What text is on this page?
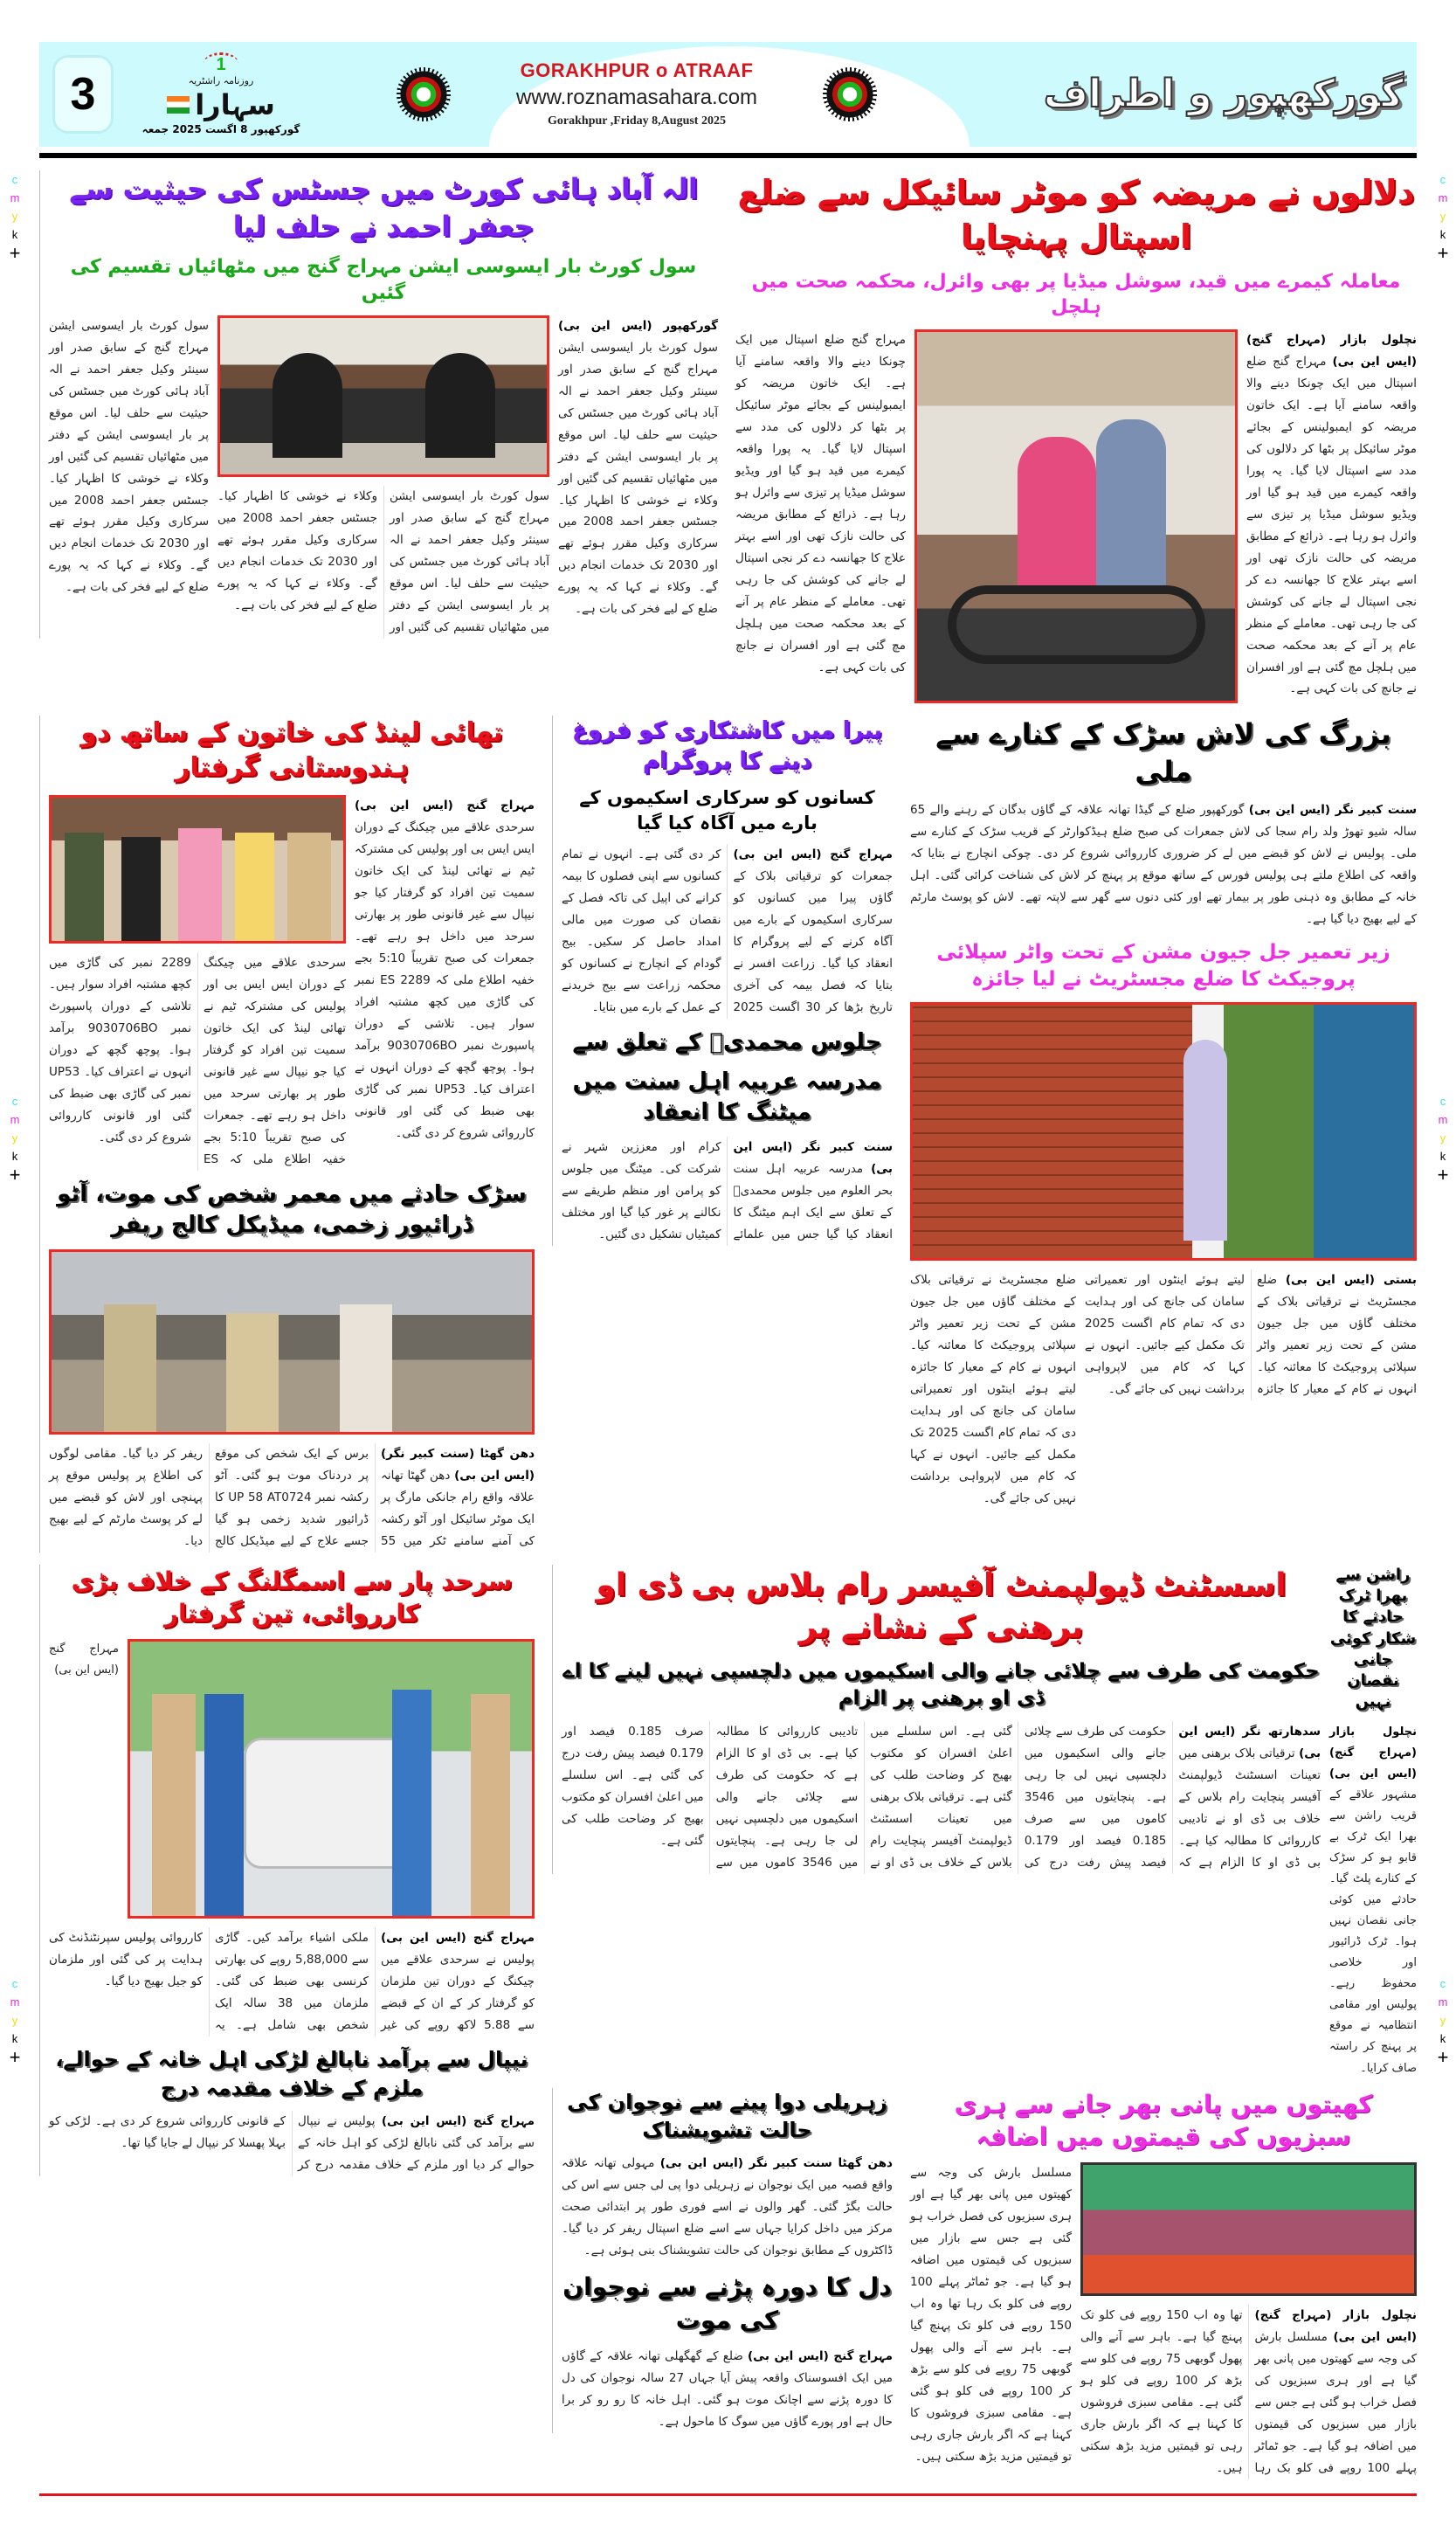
c
m
y
k
+
c
m
y
k
+
c
m
y
k
+
c
m
y
k
+
c
m
y
k
+
c
m
y
k
+
3
1
روزنامہ راشٹریہ
سہارا
گورکھپور 8 اگست 2025 جمعہ
GORAKHPUR o ATRAAF
www.roznamasahara.com
Gorakhpur ,Friday 8,August 2025
گورکھپور و اطراف
دلالوں نے مریضہ کو موٹر سائیکل سے ضلع اسپتال پہنچایا
معاملہ کیمرے میں قید، سوشل میڈیا پر بھی وائرل، محکمہ صحت میں ہلچل
نچلول بازار (مہراج گنج) (ایس این بی) مہراج گنج ضلع اسپتال میں ایک چونکا دینے والا واقعہ سامنے آیا ہے۔ ایک خاتون مریضہ کو ایمبولینس کے بجائے موٹر سائیکل پر بٹھا کر دلالوں کی مدد سے اسپتال لایا گیا۔ یہ پورا واقعہ کیمرے میں قید ہو گیا اور ویڈیو سوشل میڈیا پر تیزی سے وائرل ہو رہا ہے۔ ذرائع کے مطابق مریضہ کی حالت نازک تھی اور اسے بہتر علاج کا جھانسہ دے کر نجی اسپتال لے جانے کی کوشش کی جا رہی تھی۔ معاملے کے منظر عام پر آنے کے بعد محکمہ صحت میں ہلچل مچ گئی ہے اور افسران نے جانچ کی بات کہی ہے۔
مہراج گنج ضلع اسپتال میں ایک چونکا دینے والا واقعہ سامنے آیا ہے۔ ایک خاتون مریضہ کو ایمبولینس کے بجائے موٹر سائیکل پر بٹھا کر دلالوں کی مدد سے اسپتال لایا گیا۔ یہ پورا واقعہ کیمرے میں قید ہو گیا اور ویڈیو سوشل میڈیا پر تیزی سے وائرل ہو رہا ہے۔ ذرائع کے مطابق مریضہ کی حالت نازک تھی اور اسے بہتر علاج کا جھانسہ دے کر نجی اسپتال لے جانے کی کوشش کی جا رہی تھی۔ معاملے کے منظر عام پر آنے کے بعد محکمہ صحت میں ہلچل مچ گئی ہے اور افسران نے جانچ کی بات کہی ہے۔
الہ آباد ہائی کورٹ میں جسٹس کی حیثیت سے جعفر احمد نے حلف لیا
سول کورٹ بار ایسوسی ایشن مہراج گنج میں مٹھائیاں تقسیم کی گئیں
گورکھپور (ایس این بی) سول کورٹ بار ایسوسی ایشن مہراج گنج کے سابق صدر اور سینئر وکیل جعفر احمد نے الہ آباد ہائی کورٹ میں جسٹس کی حیثیت سے حلف لیا۔ اس موقع پر بار ایسوسی ایشن کے دفتر میں مٹھائیاں تقسیم کی گئیں اور وکلاء نے خوشی کا اظہار کیا۔ جسٹس جعفر احمد 2008 میں سرکاری وکیل مقرر ہوئے تھے اور 2030 تک خدمات انجام دیں گے۔ وکلاء نے کہا کہ یہ پورے ضلع کے لیے فخر کی بات ہے۔
سول کورٹ بار ایسوسی ایشن مہراج گنج کے سابق صدر اور سینئر وکیل جعفر احمد نے الہ آباد ہائی کورٹ میں جسٹس کی حیثیت سے حلف لیا۔ اس موقع پر بار ایسوسی ایشن کے دفتر میں مٹھائیاں تقسیم کی گئیں اور وکلاء نے خوشی کا اظہار کیا۔ جسٹس جعفر احمد 2008 میں سرکاری وکیل مقرر ہوئے تھے اور 2030 تک خدمات انجام دیں گے۔ وکلاء نے کہا کہ یہ پورے ضلع کے لیے فخر کی بات ہے۔
سول کورٹ بار ایسوسی ایشن مہراج گنج کے سابق صدر اور سینئر وکیل جعفر احمد نے الہ آباد ہائی کورٹ میں جسٹس کی حیثیت سے حلف لیا۔ اس موقع پر بار ایسوسی ایشن کے دفتر میں مٹھائیاں تقسیم کی گئیں اور وکلاء نے خوشی کا اظہار کیا۔ جسٹس جعفر احمد 2008 میں سرکاری وکیل مقرر ہوئے تھے اور 2030 تک خدمات انجام دیں گے۔ وکلاء نے کہا کہ یہ پورے ضلع کے لیے فخر کی بات ہے۔
بزرگ کی لاش سڑک کے کنارے سے ملی
سنت کبیر نگر (ایس این بی) گورکھپور ضلع کے گیڈا تھانہ علاقہ کے گاؤں بدگان کے رہنے والے 65 سالہ شیو تھوڑ ولد رام سجا کی لاش جمعرات کی صبح ضلع ہیڈکوارٹر کے قریب سڑک کے کنارے سے ملی۔ پولیس نے لاش کو قبضے میں لے کر ضروری کارروائی شروع کر دی۔ چوکی انچارج نے بتایا کہ واقعہ کی اطلاع ملتے ہی پولیس فورس کے ساتھ موقع پر پہنچ کر لاش کی شناخت کرائی گئی۔ اہل خانہ کے مطابق وہ ذہنی طور پر بیمار تھے اور کئی دنوں سے گھر سے لاپتہ تھے۔ لاش کو پوسٹ مارٹم کے لیے بھیج دیا گیا ہے۔
زیر تعمیر جل جیون مشن کے تحت واٹر سپلائی پروجیکٹ کا ضلع مجسٹریٹ نے لیا جائزہ
بستی (ایس این بی) ضلع مجسٹریٹ نے ترقیاتی بلاک کے مختلف گاؤں میں جل جیون مشن کے تحت زیر تعمیر واٹر سپلائی پروجیکٹ کا معائنہ کیا۔ انہوں نے کام کے معیار کا جائزہ لیتے ہوئے اینٹوں اور تعمیراتی سامان کی جانچ کی اور ہدایت دی کہ تمام کام اگست 2025 تک مکمل کیے جائیں۔ انہوں نے کہا کہ کام میں لاپرواہی برداشت نہیں کی جائے گی۔
ضلع مجسٹریٹ نے ترقیاتی بلاک کے مختلف گاؤں میں جل جیون مشن کے تحت زیر تعمیر واٹر سپلائی پروجیکٹ کا معائنہ کیا۔ انہوں نے کام کے معیار کا جائزہ لیتے ہوئے اینٹوں اور تعمیراتی سامان کی جانچ کی اور ہدایت دی کہ تمام کام اگست 2025 تک مکمل کیے جائیں۔ انہوں نے کہا کہ کام میں لاپرواہی برداشت نہیں کی جائے گی۔
پیرا میں کاشتکاری کو فروغ دینے کا پروگرام
کسانوں کو سرکاری اسکیموں کے بارے میں آگاہ کیا گیا
مہراج گنج (ایس این بی) جمعرات کو ترقیاتی بلاک کے گاؤں پیرا میں کسانوں کو سرکاری اسکیموں کے بارے میں آگاہ کرنے کے لیے پروگرام کا انعقاد کیا گیا۔ زراعت افسر نے بتایا کہ فصل بیمہ کی آخری تاریخ بڑھا کر 30 اگست 2025 کر دی گئی ہے۔ انہوں نے تمام کسانوں سے اپنی فصلوں کا بیمہ کرانے کی اپیل کی تاکہ فصل کے نقصان کی صورت میں مالی امداد حاصل کر سکیں۔ بیج گودام کے انچارج نے کسانوں کو محکمہ زراعت سے بیج خریدنے کے عمل کے بارے میں بتایا۔
جلوس محمدیؐ کے تعلق سے
مدرسہ عربیہ اہل سنت میں میٹنگ کا انعقاد
سنت کبیر نگر (ایس این بی) مدرسہ عربیہ اہل سنت بحر العلوم میں جلوس محمدیؐ کے تعلق سے ایک اہم میٹنگ کا انعقاد کیا گیا جس میں علمائے کرام اور معززین شہر نے شرکت کی۔ میٹنگ میں جلوس کو پرامن اور منظم طریقے سے نکالنے پر غور کیا گیا اور مختلف کمیٹیاں تشکیل دی گئیں۔
تھائی لینڈ کی خاتون کے ساتھ دو ہندوستانی گرفتار
مہراج گنج (ایس این بی) سرحدی علاقے میں چیکنگ کے دوران ایس ایس بی اور پولیس کی مشترکہ ٹیم نے تھائی لینڈ کی ایک خاتون سمیت تین افراد کو گرفتار کیا جو نیپال سے غیر قانونی طور پر بھارتی سرحد میں داخل ہو رہے تھے۔ جمعرات کی صبح تقریباً 5:10 بجے خفیہ اطلاع ملی کہ ES 2289 نمبر کی گاڑی میں کچھ مشتبہ افراد سوار ہیں۔ تلاشی کے دوران پاسپورٹ نمبر 9030706BO برآمد ہوا۔ پوچھ گچھ کے دوران انہوں نے اعتراف کیا۔ UP53 نمبر کی گاڑی بھی ضبط کی گئی اور قانونی کارروائی شروع کر دی گئی۔
سرحدی علاقے میں چیکنگ کے دوران ایس ایس بی اور پولیس کی مشترکہ ٹیم نے تھائی لینڈ کی ایک خاتون سمیت تین افراد کو گرفتار کیا جو نیپال سے غیر قانونی طور پر بھارتی سرحد میں داخل ہو رہے تھے۔ جمعرات کی صبح تقریباً 5:10 بجے خفیہ اطلاع ملی کہ ES 2289 نمبر کی گاڑی میں کچھ مشتبہ افراد سوار ہیں۔ تلاشی کے دوران پاسپورٹ نمبر 9030706BO برآمد ہوا۔ پوچھ گچھ کے دوران انہوں نے اعتراف کیا۔ UP53 نمبر کی گاڑی بھی ضبط کی گئی اور قانونی کارروائی شروع کر دی گئی۔
سڑک حادثے میں معمر شخص کی موت، آٹو ڈرائیور زخمی، میڈیکل کالج ریفر
دھن گھٹا (سنت کبیر نگر) (ایس این بی) دھن گھٹا تھانہ علاقہ واقع رام جانکی مارگ پر ایک موٹر سائیکل اور آٹو رکشہ کی آمنے سامنے ٹکر میں 55 برس کے ایک شخص کی موقع پر دردناک موت ہو گئی۔ آٹو رکشہ نمبر UP 58 AT0724 کا ڈرائیور شدید زخمی ہو گیا جسے علاج کے لیے میڈیکل کالج ریفر کر دیا گیا۔ مقامی لوگوں کی اطلاع پر پولیس موقع پر پہنچی اور لاش کو قبضے میں لے کر پوسٹ مارٹم کے لیے بھیج دیا۔
راشن سے بھرا ٹرک حادثے کا شکار کوئی جانی نقصان نہیں
نچلول بازار (مہراج گنج) (ایس این بی) مشہور علاقے کے قریب راشن سے بھرا ایک ٹرک بے قابو ہو کر سڑک کے کنارے پلٹ گیا۔ حادثے میں کوئی جانی نقصان نہیں ہوا۔ ٹرک ڈرائیور اور خلاصی محفوظ رہے۔ پولیس اور مقامی انتظامیہ نے موقع پر پہنچ کر راستہ صاف کرایا۔
اسسٹنٹ ڈیولپمنٹ آفیسر رام بلاس بی ڈی او برھنی کے نشانے پر
حکومت کی طرف سے چلائی جانے والی اسکیموں میں دلچسپی نہیں لینے کا اے ڈی او برھنی پر الزام
سدھارتھ نگر (ایس این بی) ترقیاتی بلاک برھنی میں تعینات اسسٹنٹ ڈیولپمنٹ آفیسر پنچایت رام بلاس کے خلاف بی ڈی او نے تادیبی کارروائی کا مطالبہ کیا ہے۔ بی ڈی او کا الزام ہے کہ حکومت کی طرف سے چلائی جانے والی اسکیموں میں دلچسپی نہیں لی جا رہی ہے۔ پنچایتوں میں 3546 کاموں میں سے صرف 0.185 فیصد اور 0.179 فیصد پیش رفت درج کی گئی ہے۔ اس سلسلے میں اعلیٰ افسران کو مکتوب بھیج کر وضاحت طلب کی گئی ہے۔ ترقیاتی بلاک برھنی میں تعینات اسسٹنٹ ڈیولپمنٹ آفیسر پنچایت رام بلاس کے خلاف بی ڈی او نے تادیبی کارروائی کا مطالبہ کیا ہے۔ بی ڈی او کا الزام ہے کہ حکومت کی طرف سے چلائی جانے والی اسکیموں میں دلچسپی نہیں لی جا رہی ہے۔ پنچایتوں میں 3546 کاموں میں سے صرف 0.185 فیصد اور 0.179 فیصد پیش رفت درج کی گئی ہے۔ اس سلسلے میں اعلیٰ افسران کو مکتوب بھیج کر وضاحت طلب کی گئی ہے۔
کھیتوں میں پانی بھر جانے سے ہری سبزیوں کی قیمتوں میں اضافہ
نچلول بازار (مہراج گنج) (ایس این بی) مسلسل بارش کی وجہ سے کھیتوں میں پانی بھر گیا ہے اور ہری سبزیوں کی فصل خراب ہو گئی ہے جس سے بازار میں سبزیوں کی قیمتوں میں اضافہ ہو گیا ہے۔ جو ٹماٹر پہلے 100 روپے فی کلو بک رہا تھا وہ اب 150 روپے فی کلو تک پہنچ گیا ہے۔ باہر سے آنے والی پھول گوبھی 75 روپے فی کلو سے بڑھ کر 100 روپے فی کلو ہو گئی ہے۔ مقامی سبزی فروشوں کا کہنا ہے کہ اگر بارش جاری رہی تو قیمتیں مزید بڑھ سکتی ہیں۔
مسلسل بارش کی وجہ سے کھیتوں میں پانی بھر گیا ہے اور ہری سبزیوں کی فصل خراب ہو گئی ہے جس سے بازار میں سبزیوں کی قیمتوں میں اضافہ ہو گیا ہے۔ جو ٹماٹر پہلے 100 روپے فی کلو بک رہا تھا وہ اب 150 روپے فی کلو تک پہنچ گیا ہے۔ باہر سے آنے والی پھول گوبھی 75 روپے فی کلو سے بڑھ کر 100 روپے فی کلو ہو گئی ہے۔ مقامی سبزی فروشوں کا کہنا ہے کہ اگر بارش جاری رہی تو قیمتیں مزید بڑھ سکتی ہیں۔
زہریلی دوا پینے سے نوجوان کی حالت تشویشناک
دھن گھٹا سنت کبیر نگر (ایس این بی) مہولی تھانہ علاقہ واقع قصبہ میں ایک نوجوان نے زہریلی دوا پی لی جس سے اس کی حالت بگڑ گئی۔ گھر والوں نے اسے فوری طور پر ابتدائی صحت مرکز میں داخل کرایا جہاں سے اسے ضلع اسپتال ریفر کر دیا گیا۔ ڈاکٹروں کے مطابق نوجوان کی حالت تشویشناک بنی ہوئی ہے۔
دل کا دورہ پڑنے سے نوجوان کی موت
مہراج گنج (ایس این بی) ضلع کے گھگھلی تھانہ علاقہ کے گاؤں میں ایک افسوسناک واقعہ پیش آیا جہاں 27 سالہ نوجوان کی دل کا دورہ پڑنے سے اچانک موت ہو گئی۔ اہل خانہ کا رو رو کر برا حال ہے اور پورے گاؤں میں سوگ کا ماحول ہے۔
سرحد پار سے اسمگلنگ کے خلاف بڑی کارروائی، تین گرفتار
مہراج گنج (ایس این بی)
مہراج گنج (ایس این بی) پولیس نے سرحدی علاقے میں چیکنگ کے دوران تین ملزمان کو گرفتار کر کے ان کے قبضے سے 5.88 لاکھ روپے کی غیر ملکی اشیاء برآمد کیں۔ گاڑی سے 5,88,000 روپے کی بھارتی کرنسی بھی ضبط کی گئی۔ ملزمان میں 38 سالہ ایک شخص بھی شامل ہے۔ یہ کارروائی پولیس سپرنٹنڈنٹ کی ہدایت پر کی گئی اور ملزمان کو جیل بھیج دیا گیا۔
نیپال سے برآمد نابالغ لڑکی اہل خانہ کے حوالے، ملزم کے خلاف مقدمہ درج
مہراج گنج (ایس این بی) پولیس نے نیپال سے برآمد کی گئی نابالغ لڑکی کو اہل خانہ کے حوالے کر دیا اور ملزم کے خلاف مقدمہ درج کر کے قانونی کارروائی شروع کر دی ہے۔ لڑکی کو بہلا پھسلا کر نیپال لے جایا گیا تھا۔
